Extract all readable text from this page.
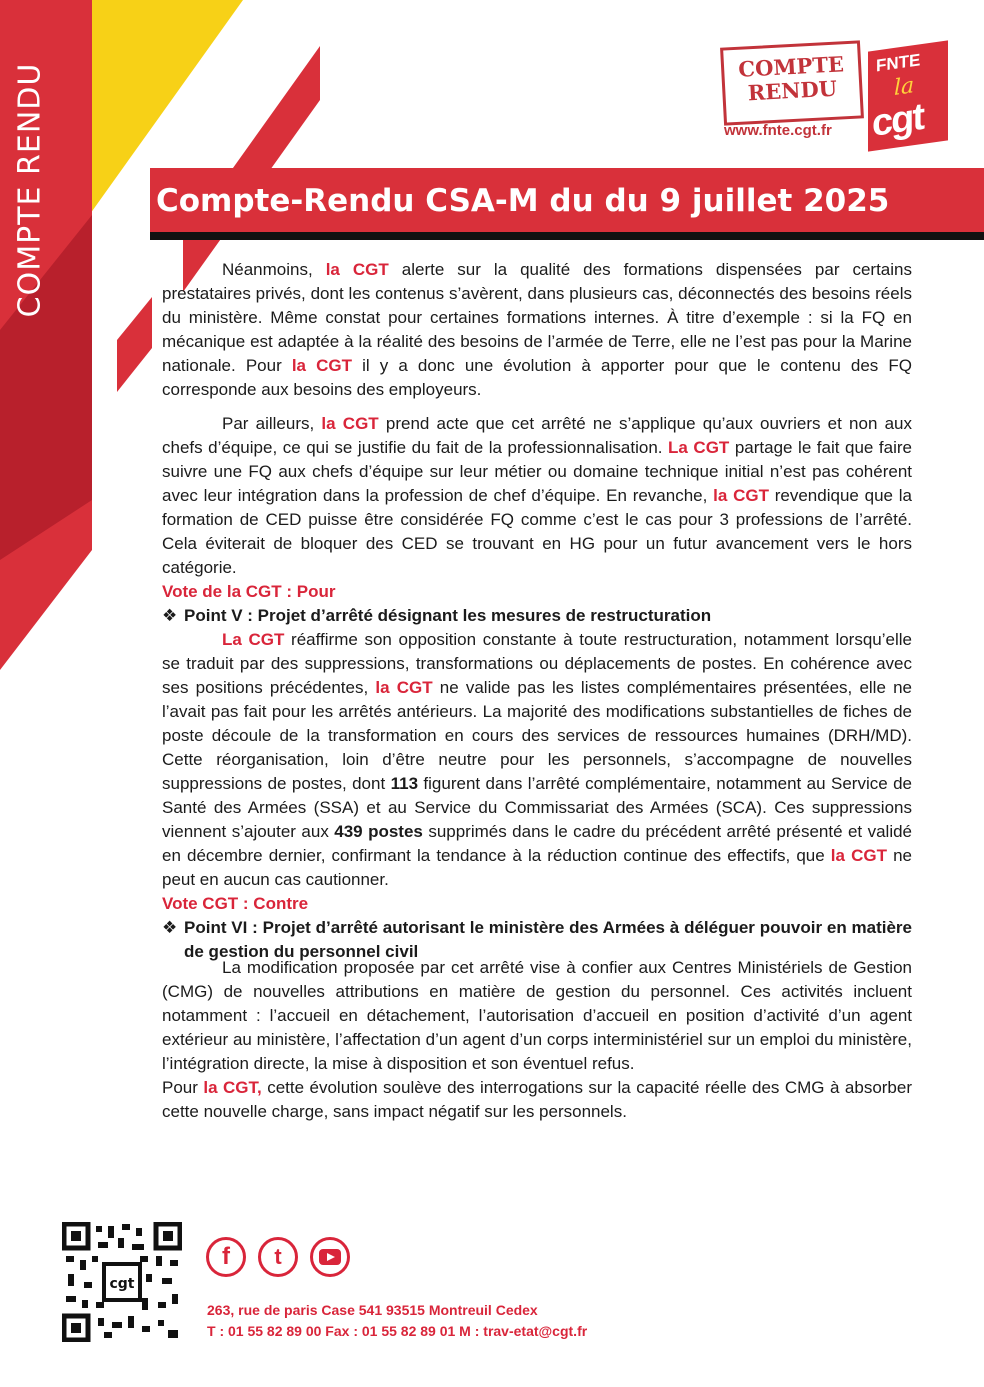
COMPTE RENDU	COMPTE
RENDU
www.fnte.cgt.fr
FNTE
la
cgt
Compte-Rendu CSA-M du du 9 juillet 2025

Néanmoins, la CGT alerte sur la qualité des formations dispensées par certains prestataires privés, dont les contenus s’avèrent, dans plusieurs cas, déconnectés des besoins réels du ministère. Même constat pour certaines formations internes. À titre d’exemple : si la FQ en mécanique est adaptée à la réalité des besoins de l’armée de Terre, elle ne l’est pas pour la Marine nationale. Pour la CGT il y a donc une évolution à apporter pour que le contenu des FQ corresponde aux besoins des employeurs.

Par ailleurs, la CGT prend acte que cet arrêté ne s’applique qu’aux ouvriers et non aux chefs d’équipe, ce qui se justifie du fait de la professionnalisation. La CGT partage le fait que faire suivre une FQ aux chefs d’équipe sur leur métier ou domaine technique initial n’est pas cohérent avec leur intégration dans la profession de chef d’équipe. En revanche, la CGT revendique que la formation de CED puisse être considérée FQ comme c’est le cas pour 3 professions de l’arrêté. Cela éviterait de bloquer des CED se trouvant en HG pour un futur avancement vers le hors catégorie.

Vote de la CGT : Pour

❖ Point V : Projet d’arrêté désignant les mesures de restructuration

La CGT réaffirme son opposition constante à toute restructuration, notamment lorsqu’elle se traduit par des suppressions, transformations ou déplacements de postes. En cohérence avec ses positions précédentes, la CGT ne valide pas les listes complémentaires présentées, elle ne l’avait pas fait pour les arrêtés antérieurs. La majorité des modifications substantielles de fiches de poste découle de la transformation en cours des services de ressources humaines (DRH/MD). Cette réorganisation, loin d’être neutre pour les personnels, s’accompagne de nouvelles suppressions de postes, dont 113 figurent dans l’arrêté complémentaire, notamment au Service de Santé des Armées (SSA) et au Service du Commissariat des Armées (SCA). Ces suppressions viennent s’ajouter aux 439 postes supprimés dans le cadre du précédent arrêté présenté et validé en décembre dernier, confirmant la tendance à la réduction continue des effectifs, que la CGT ne peut en aucun cas cautionner.

Vote CGT : Contre

❖ Point VI : Projet d’arrêté autorisant le ministère des Armées à déléguer pouvoir en matière de gestion du personnel civil

La modification proposée par cet arrêté vise à confier aux Centres Ministériels de Gestion (CMG) de nouvelles attributions en matière de gestion du personnel. Ces activités incluent notamment : l’accueil en détachement, l’autorisation d’accueil en position d’activité d’un agent extérieur au ministère, l’affectation d’un agent d’un corps interministériel sur un emploi du ministère, l’intégration directe, la mise à disposition et son éventuel refus.

Pour la CGT, cette évolution soulève des interrogations sur la capacité réelle des CMG à absorber cette nouvelle charge, sans impact négatif sur les personnels.

cgt
f	t
263, rue de paris Case 541 93515 Montreuil Cedex
T : 01 55 82 89 00 Fax : 01 55 82 89 01 M : trav-etat@cgt.fr
